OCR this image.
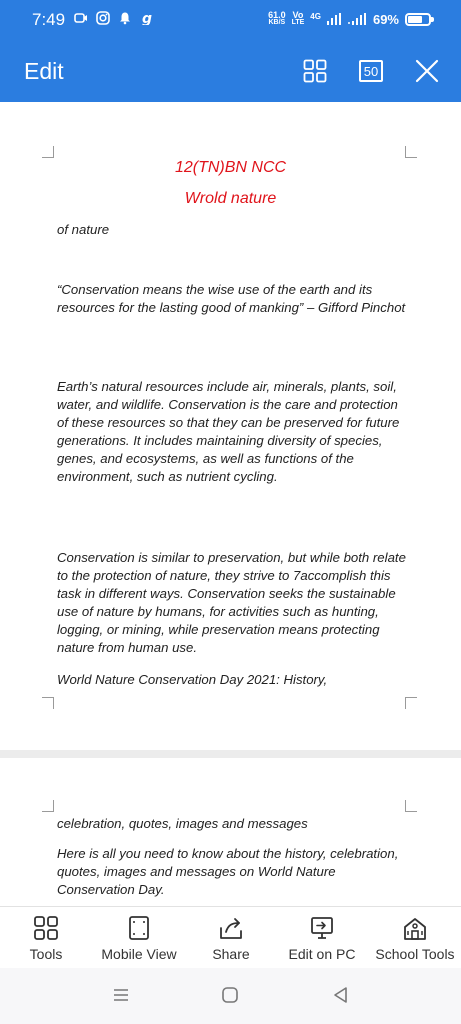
7:49	g	61.0
KB/S
Vo
LTE
4G	69%
Edit	50
12(TN)BN NCC
Wrold nature
of nature
“Conservation means the wise use of the earth and its resources for the lasting good of manking” – Gifford Pinchot
Earth’s natural resources include air, minerals, plants, soil, water, and wildlife. Conservation is the care and protection of these resources so that they can be preserved for future generations. It includes maintaining diversity of species, genes, and ecosystems, as well as functions of the environment, such as nutrient cycling.
Conservation is similar to preservation, but while both relate to the protection of nature, they strive to 7accomplish this task in different ways. Conservation seeks the sustainable use of nature by humans, for activities such as hunting, logging, or mining, while preservation means protecting nature from human use.
World Nature Conservation Day 2021: History,
celebration, quotes, images and messages
Here is all you need to know about the history, celebration, quotes, images and messages on World Nature Conservation Day.
Tools	Mobile View	Share	Edit on PC	School Tools
